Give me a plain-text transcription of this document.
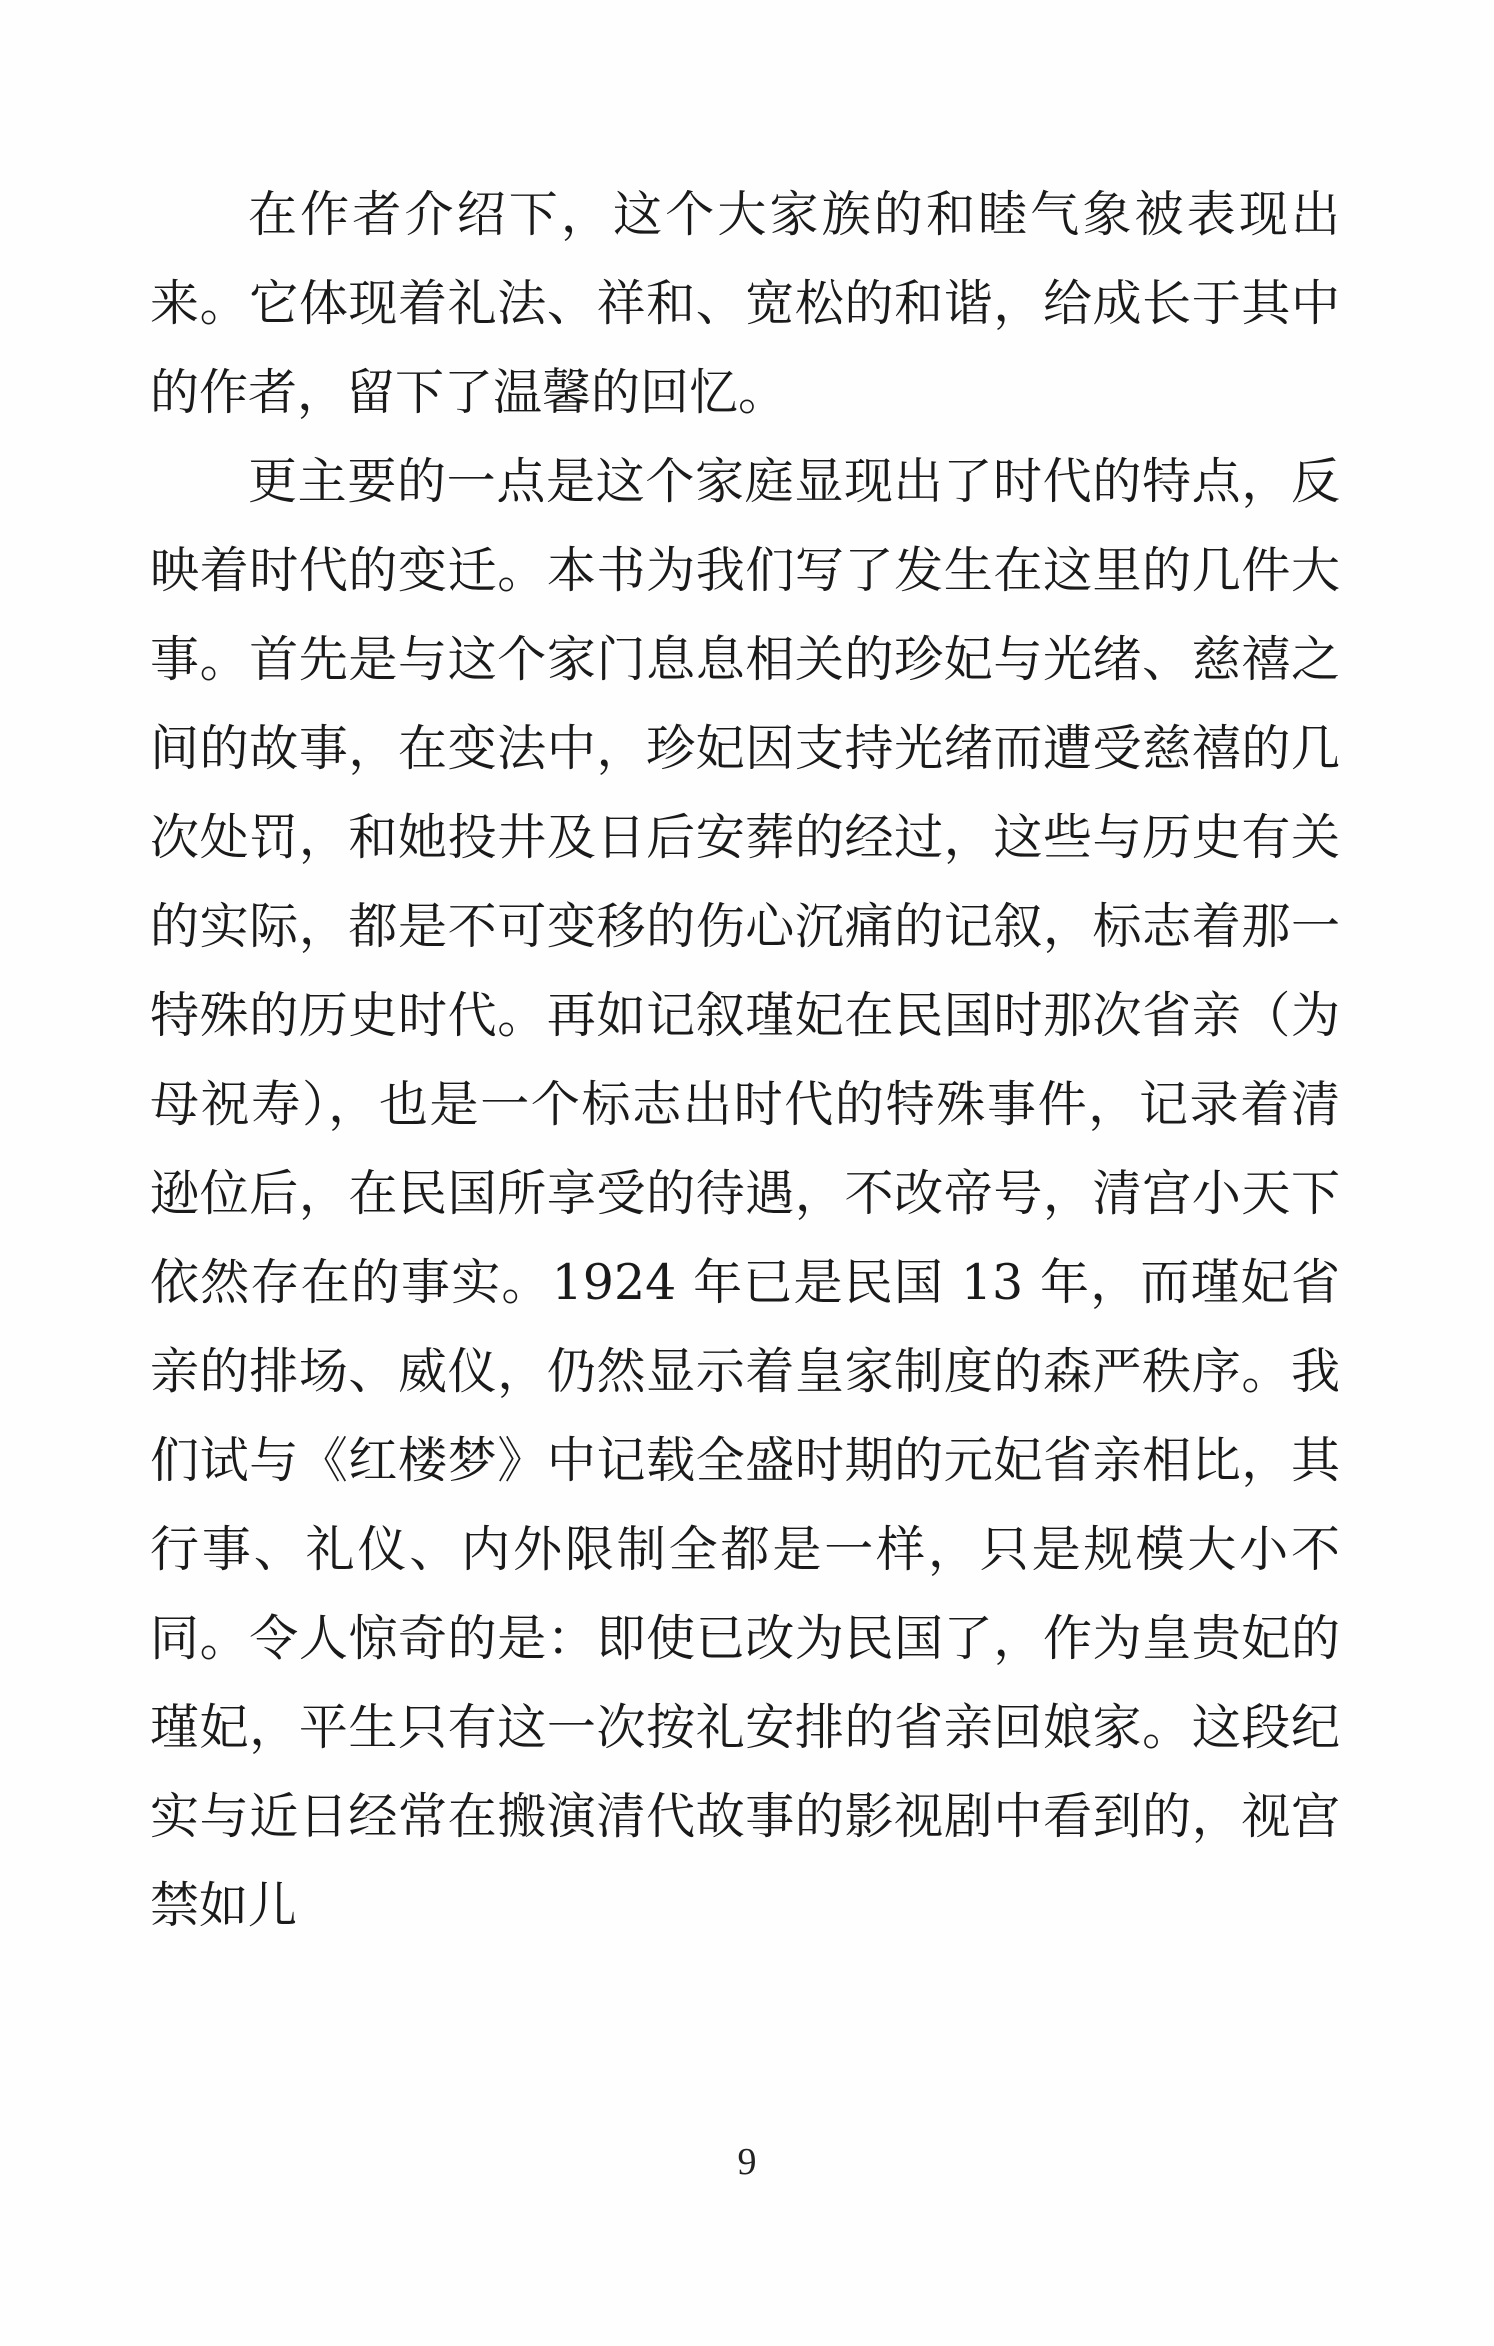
在作者介绍下，这个大家族的和睦气象被表现出来。它体现着礼法、祥和、宽松的和谐，给成长于其中的作者，留下了温馨的回忆。

更主要的一点是这个家庭显现出了时代的特点，反映着时代的变迁。本书为我们写了发生在这里的几件大事。首先是与这个家门息息相关的珍妃与光绪、慈禧之间的故事，在变法中，珍妃因支持光绪而遭受慈禧的几次处罚，和她投井及日后安葬的经过，这些与历史有关的实际，都是不可变移的伤心沉痛的记叙，标志着那一特殊的历史时代。再如记叙瑾妃在民国时那次省亲（为母祝寿），也是一个标志出时代的特殊事件，记录着清逊位后，在民国所享受的待遇，不改帝号，清宫小天下依然存在的事实。1924 年已是民国 13 年，而瑾妃省亲的排场、威仪，仍然显示着皇家制度的森严秩序。我们试与《红楼梦》中记载全盛时期的元妃省亲相比，其行事、礼仪、内外限制全都是一样，只是规模大小不同。令人惊奇的是：即使已改为民国了，作为皇贵妃的瑾妃，平生只有这一次按礼安排的省亲回娘家。这段纪实与近日经常在搬演清代故事的影视剧中看到的，视宫禁如儿

9
